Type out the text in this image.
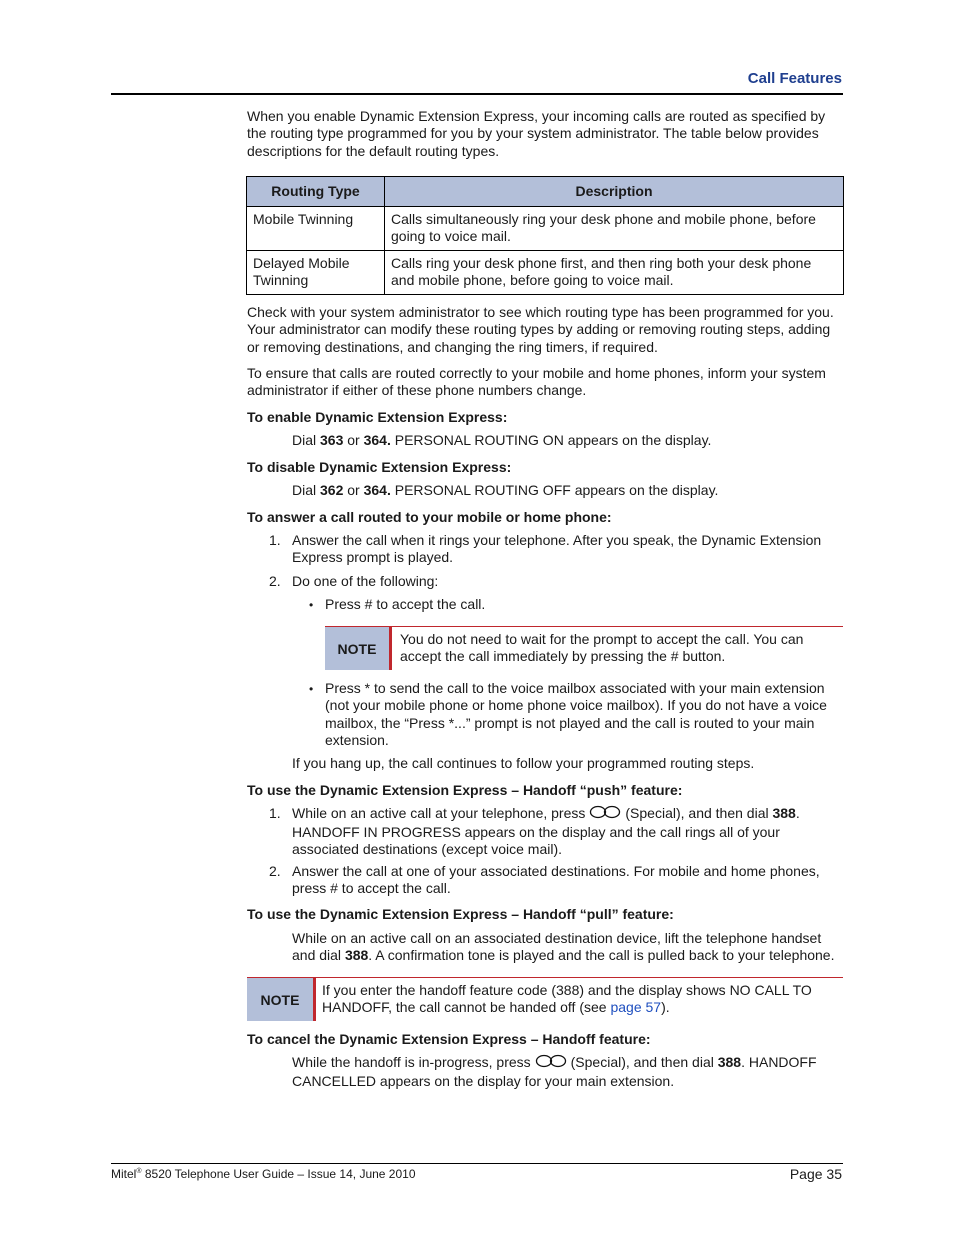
Call Features

When you enable Dynamic Extension Express, your incoming calls are routed as specified by the routing type programmed for you by your system administrator. The table below provides descriptions for the default routing types.

Routing Type	Description
Mobile Twinning	Calls simultaneously ring your desk phone and mobile phone, before going to voice mail.
Delayed Mobile Twinning	Calls ring your desk phone first, and then ring both your desk phone and mobile phone, before going to voice mail.

Check with your system administrator to see which routing type has been programmed for you. Your administrator can modify these routing types by adding or removing routing steps, adding or removing destinations, and changing the ring timers, if required.

To ensure that calls are routed correctly to your mobile and home phones, inform your system administrator if either of these phone numbers change.

To enable Dynamic Extension Express:

Dial 363 or 364. PERSONAL ROUTING ON appears on the display.

To disable Dynamic Extension Express:

Dial 362 or 364. PERSONAL ROUTING OFF appears on the display.

To answer a call routed to your mobile or home phone:

1. Answer the call when it rings your telephone. After you speak, the Dynamic Extension Express prompt is played.

2. Do one of the following:

• Press # to accept the call.

NOTE
You do not need to wait for the prompt to accept the call. You can accept the call immediately by pressing the # button.
• Press * to send the call to the voice mailbox associated with your main extension (not your mobile phone or home phone voice mailbox). If you do not have a voice mailbox, the “Press *...” prompt is not played and the call is routed to your main extension.

If you hang up, the call continues to follow your programmed routing steps.

To use the Dynamic Extension Express – Handoff “push” feature:

1. While on an active call at your telephone, press	(Special), and then dial 388. HANDOFF IN PROGRESS appears on the display and the call rings all of your associated destinations (except voice mail).

2. Answer the call at one of your associated destinations. For mobile and home phones, press # to accept the call.

To use the Dynamic Extension Express – Handoff “pull” feature:

While on an active call on an associated destination device, lift the telephone handset and dial 388. A confirmation tone is played and the call is pulled back to your telephone.

NOTE
If you enter the handoff feature code (388) and the display shows NO CALL TO HANDOFF, the call cannot be handed off (see page 57).

To cancel the Dynamic Extension Express – Handoff feature:

While the handoff is in-progress, press	(Special), and then dial 388. HANDOFF CANCELLED appears on the display for your main extension.

Mitel® 8520 Telephone User Guide – Issue 14, June 2010	Page 35
